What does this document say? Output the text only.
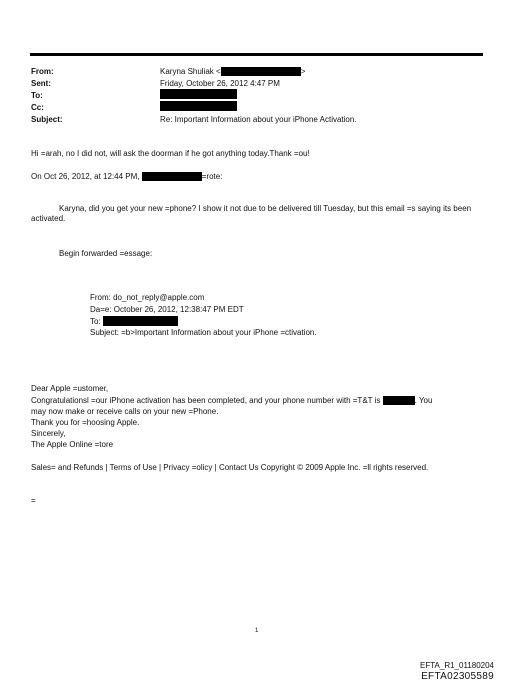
From:	Karyna Shuliak <	>
Sent:	Friday, October 26, 2012 4:47 PM
To:
Cc:
Subject:	Re: Important Information about your iPhone Activation.
Hi =arah, no I did not, will ask the doorman if he got anything today.Thank =ou!
On Oct 26, 2012, at 12:44 PM,	=rote:
Karyna, did you get your new =phone? I show it not due to be delivered till Tuesday, but this email =s saying its been activated.
Begin forwarded =essage:
From: do_not_reply@apple.com
Da=e: October 26, 2012, 12:38:47 PM EDT
To:
Subject: =b>Important Information about your iPhone =ctivation.
Dear Apple =ustomer,
Congratulationsl =our iPhone activation has been completed, and your phone number with =T&T is	. You
may now make or receive calls on your new =Phone.
Thank you for =hoosing Apple.
Sincerely,
The Apple Online =tore
Sales= and Refunds | Terms of Use | Privacy =olicy | Contact Us Copyright © 2009 Apple Inc. =ll rights reserved.
=
1
EFTA_R1_01180204
EFTA02305589
